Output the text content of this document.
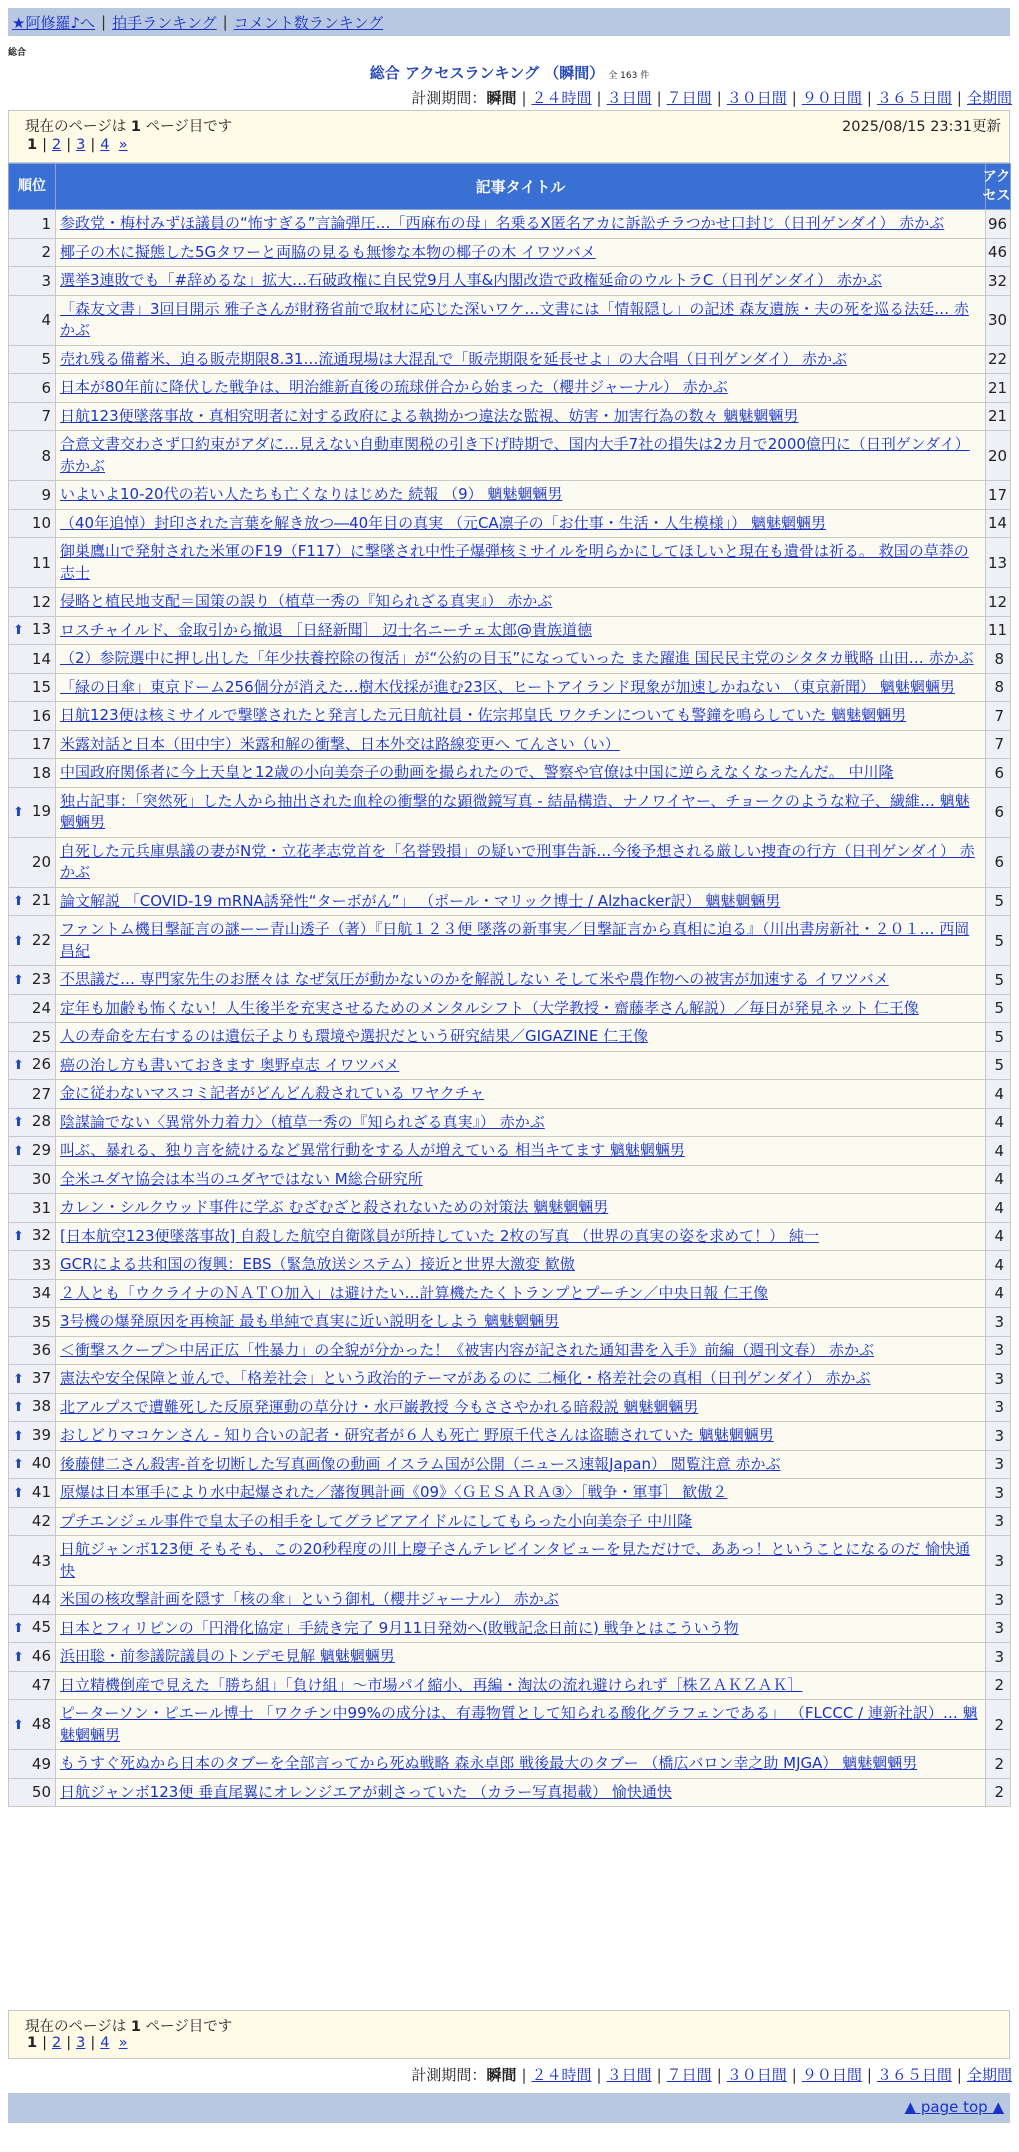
★阿修羅♪へ | 拍手ランキング | コメント数ランキング
総合
総合 アクセスランキング （瞬間） 全 163 件
計測期間：瞬間 | ２４時間 | ３日間 | ７日間 | ３０日間 | ９０日間 | ３６５日間 | 全期間
現在のページは 1 ページ目です	2025/08/15 23:31更新
1 | 2 | 3 | 4 »
順位	記事タイトル	アクセス
1	参政党・梅村みずほ議員の“怖すぎる”言論弾圧…「西麻布の母」名乗るX匿名アカに訴訟チラつかせ口封じ（日刊ゲンダイ） 赤かぶ	96
2	椰子の木に擬態した5Gタワーと両脇の見るも無惨な本物の椰子の木 イワツバメ	46
3	選挙3連敗でも「#辞めるな」拡大…石破政権に自民党9月人事&内閣改造で政権延命のウルトラC（日刊ゲンダイ） 赤かぶ	32
4	「森友文書」3回目開示 雅子さんが財務省前で取材に応じた深いワケ…文書には「情報隠し」の記述 森友遺族・夫の死を巡る法廷… 赤かぶ	30
5	売れ残る備蓄米、迫る販売期限8.31…流通現場は大混乱で「販売期限を延長せよ」の大合唱（日刊ゲンダイ） 赤かぶ	22
6	日本が80年前に降伏した戦争は、明治維新直後の琉球併合から始まった（櫻井ジャーナル） 赤かぶ	21
7	日航123便墜落事故・真相究明者に対する政府による執拗かつ違法な監視、妨害・加害行為の数々 魑魅魍魎男	21
8	合意文書交わさず口約束がアダに…見えない自動車関税の引き下げ時期で、国内大手7社の損失は2カ月で2000億円に（日刊ゲンダイ） 赤かぶ	20
9	いよいよ10-20代の若い人たちも亡くなりはじめた 続報 （9） 魑魅魍魎男	17
10	（40年追悼）封印された言葉を解き放つ―40年目の真実 （元CA凛子の「お仕事・生活・人生模様」） 魑魅魍魎男	14
11	御巣鷹山で発射された米軍のF19（F117）に撃墜され中性子爆弾核ミサイルを明らかにしてほしいと現在も遺骨は祈る。 救国の草莽の志士	13
12	侵略と植民地支配＝国策の誤り（植草一秀の『知られざる真実』） 赤かぶ	12
⬆ 13	ロスチャイルド、金取引から撤退 ［日経新聞］ 辺士名ニーチェ太郎@貴族道徳	11
14	（2）参院選中に押し出した「年少扶養控除の復活」が“公約の目玉”になっていった また躍進 国民民主党のシタタカ戦略 山田… 赤かぶ	8
15	「緑の日傘」東京ドーム256個分が消えた…樹木伐採が進む23区、ヒートアイランド現象が加速しかねない （東京新聞） 魑魅魍魎男	8
16	日航123便は核ミサイルで撃墜されたと発言した元日航社員・佐宗邦皇氏 ワクチンについても警鐘を鳴らしていた 魑魅魍魎男	7
17	米露対話と日本（田中宇）米露和解の衝撃、日本外交は路線変更へ てんさい（い）	7
18	中国政府関係者に今上天皇と12歳の小向美奈子の動画を撮られたので、警察や官僚は中国に逆らえなくなったんだ。 中川隆	6
⬆ 19	独占記事：「突然死」した人から抽出された血栓の衝撃的な顕微鏡写真 - 結晶構造、ナノワイヤー、チョークのような粒子、繊維… 魑魅魍魎男	6
20	自死した元兵庫県議の妻がN党・立花孝志党首を「名誉毀損」の疑いで刑事告訴…今後予想される厳しい捜査の行方（日刊ゲンダイ） 赤かぶ	6
⬆ 21	論文解説 「COVID-19 mRNA誘発性“ターボがん”」 （ポール・マリック博士 / Alzhacker訳） 魑魅魍魎男	5
⬆ 22	ファントム機目撃証言の謎ーー青山透子（著）『日航１２３便 墜落の新事実／目撃証言から真相に迫る』（川出書房新社・２０１… 西岡昌紀	5
⬆ 23	不思議だ… 専門家先生のお歴々は なぜ気圧が動かないのかを解説しない そして米や農作物への被害が加速する イワツバメ	5
24	定年も加齢も怖くない！人生後半を充実させるためのメンタルシフト（大学教授・齋藤孝さん解説）／毎日が発見ネット 仁王像	5
25	人の寿命を左右するのは遺伝子よりも環境や選択だという研究結果／GIGAZINE 仁王像	5
⬆ 26	癌の治し方も書いておきます 奥野卓志 イワツバメ	5
27	金に従わないマスコミ記者がどんどん殺されている ワヤクチャ	4
⬆ 28	陰謀論でない〈異常外力着力〉（植草一秀の『知られざる真実』） 赤かぶ	4
⬆ 29	叫ぶ、暴れる、独り言を続けるなど異常行動をする人が増えている 相当キてます 魑魅魍魎男	4
30	全米ユダヤ協会は本当のユダヤではない M総合研究所	4
31	カレン・シルクウッド事件に学ぶ むざむざと殺されないための対策法 魑魅魍魎男	4
⬆ 32	[日本航空123便墜落事故] 自殺した航空自衛隊員が所持していた 2枚の写真 （世界の真実の姿を求めて！） 純一	4
33	GCRによる共和国の復興：EBS（緊急放送システム）接近と世界大激変 歓傲	4
34	２人とも「ウクライナのＮＡＴＯ加入」は避けたい…計算機たたくトランプとプーチン／中央日報 仁王像	4
35	3号機の爆発原因を再検証 最も単純で真実に近い説明をしよう 魑魅魍魎男	3
36	＜衝撃スクープ＞中居正広「性暴力」の全貌が分かった！《被害内容が記された通知書を入手》前編（週刊文春） 赤かぶ	3
⬆ 37	憲法や安全保障と並んで、「格差社会」という政治的テーマがあるのに 二極化・格差社会の真相（日刊ゲンダイ） 赤かぶ	3
⬆ 38	北アルプスで遭難死した反原発運動の草分け・水戸巌教授 今もささやかれる暗殺説 魑魅魍魎男	3
⬆ 39	おしどりマコケンさん - 知り合いの記者・研究者が６人も死亡 野原千代さんは盗聴されていた 魑魅魍魎男	3
⬆ 40	後藤健二さん殺害-首を切断した写真画像の動画 イスラム国が公開（ニュース速報Japan） 閲覧注意 赤かぶ	3
⬆ 41	原爆は日本軍手により水中起爆された／藩復興計画《09》〈ＧＥＳＡＲＡ③〉［戦争・軍事］ 歓傲２	3
42	プチエンジェル事件で皇太子の相手をしてグラビアアイドルにしてもらった小向美奈子 中川隆	3
43	日航ジャンボ123便 そもそも、この20秒程度の川上慶子さんテレビインタビューを見ただけで、ああっ！ということになるのだ 愉快通快	3
44	米国の核攻撃計画を隠す「核の傘」という御札（櫻井ジャーナル） 赤かぶ	3
⬆ 45	日本とフィリピンの「円滑化協定」手続き完了 9月11日発効へ(敗戦記念日前に) 戦争とはこういう物	3
⬆ 46	浜田聡・前参議院議員のトンデモ見解 魑魅魍魎男	3
47	日立精機倒産で見えた「勝ち組」「負け組」〜市場パイ縮小、再編・淘汰の流れ避けられず［株ＺＡＫＺＡＫ］	2
⬆ 48	ピーターソン・ピエール博士 「ワクチン中99%の成分は、有毒物質として知られる酸化グラフェンである」 （FLCCC / 連新社訳）… 魑魅魍魎男	2
49	もうすぐ死ぬから日本のタブーを全部言ってから死ぬ戦略 森永卓郎 戦後最大のタブー （橋広バロン幸之助 MJGA） 魑魅魍魎男	2
50	日航ジャンボ123便 垂直尾翼にオレンジエアが刺さっていた （カラー写真掲載） 愉快通快	2
現在のページは 1 ページ目です
1 | 2 | 3 | 4 »
計測期間：瞬間 | ２４時間 | ３日間 | ７日間 | ３０日間 | ９０日間 | ３６５日間 | 全期間
▲ page top ▲
